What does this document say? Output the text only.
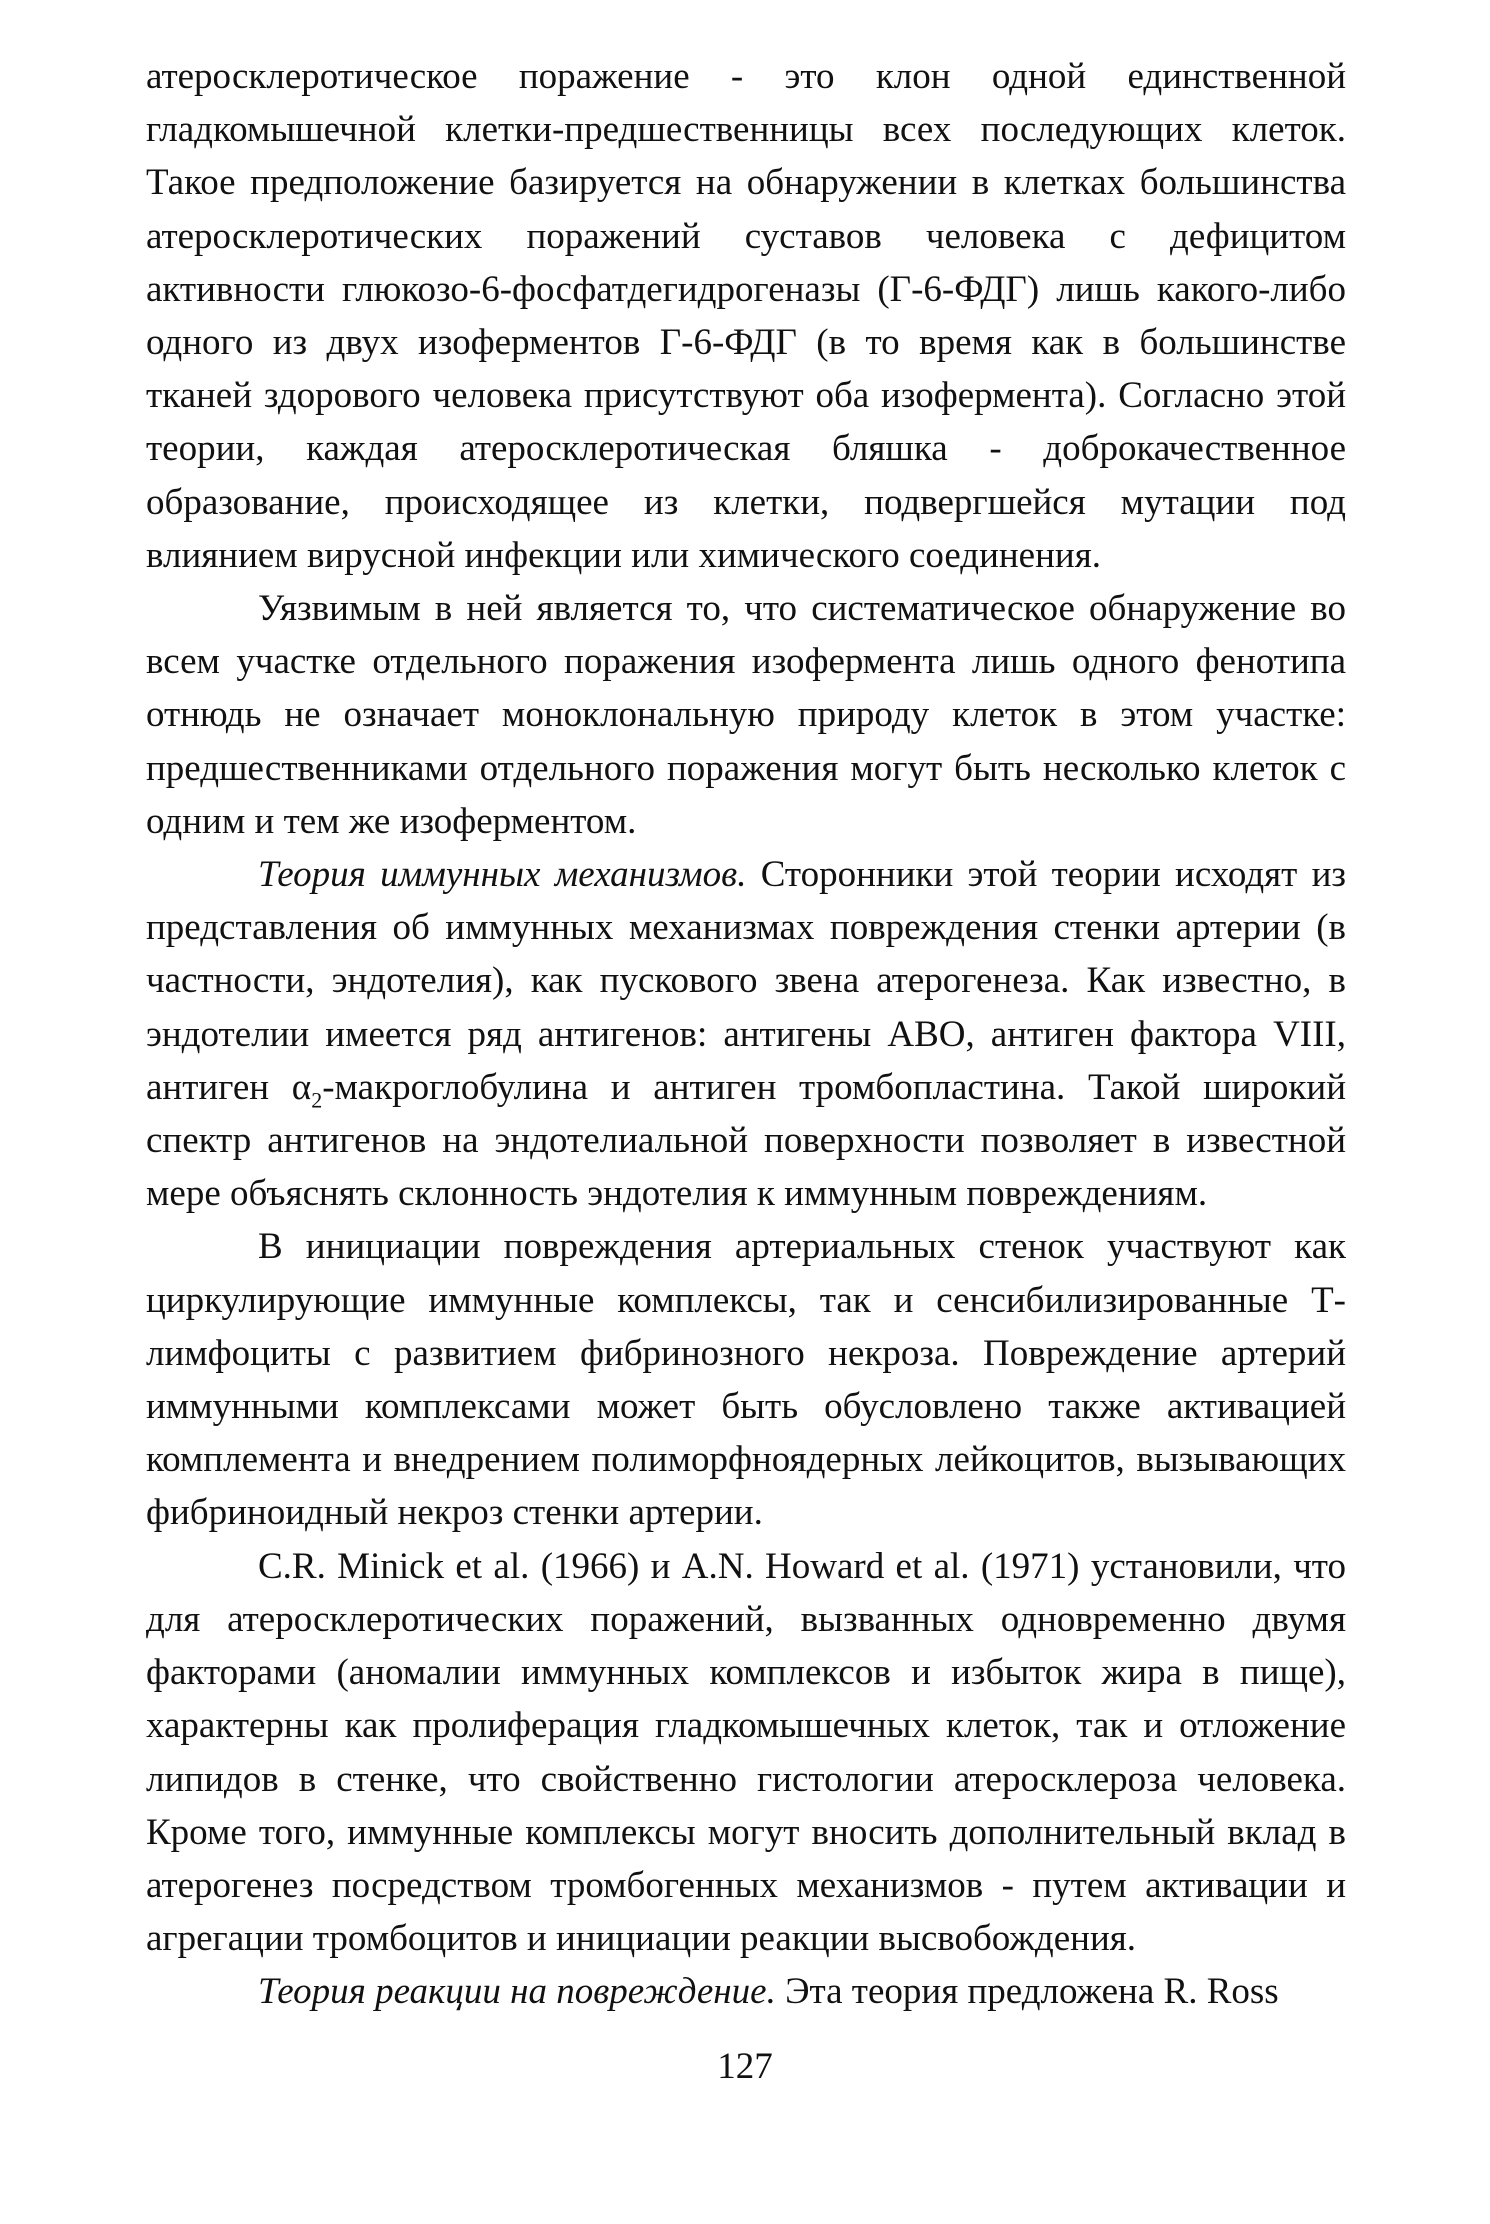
атеросклеротическое поражение - это клон одной единственной гладкомышечной клетки-предшественницы всех последующих клеток. Такое предположение базируется на обнаружении в клетках большинства атеросклеротических поражений суставов человека с дефицитом активности глюкозо-6-фосфатдегидрогеназы (Г-6-ФДГ) лишь какого-либо одного из двух изоферментов Г-6-ФДГ (в то время как в большинстве тканей здорового человека присутствуют оба изофермента). Согласно этой теории, каждая атеросклеротическая бляшка - доброкачественное образование, происходящее из клетки, подвергшейся мутации под влиянием вирусной инфекции или химического соединения.

Уязвимым в ней является то, что систематическое обнаружение во всем участке отдельного поражения изофермента лишь одного фенотипа отнюдь не означает моноклональную природу клеток в этом участке: предшественниками отдельного поражения могут быть несколько клеток с одним и тем же изоферментом.

Теория иммунных механизмов. Сторонники этой теории исходят из представления об иммунных механизмах повреждения стенки артерии (в частности, эндотелия), как пускового звена атерогенеза. Как известно, в эндотелии имеется ряд антигенов: антигены АВО, антиген фактора VIII, антиген $\alpha_2$-макроглобулина и антиген тромбопластина. Такой широкий спектр антигенов на эндотелиальной поверхности позволяет в известной мере объяснять склонность эндотелия к иммунным повреждениям.

В инициации повреждения артериальных стенок участвуют как циркулирующие иммунные комплексы, так и сенсибилизированные Т-лимфоциты с развитием фибринозного некроза. Повреждение артерий иммунными комплексами может быть обусловлено также активацией комплемента и внедрением полиморфноядерных лейкоцитов, вызывающих фибриноидный некроз стенки артерии.

C.R. Minick et al. (1966) и A.N. Howard et al. (1971) установили, что для атеросклеротических поражений, вызванных одновременно двумя факторами (аномалии иммунных комплексов и избыток жира в пище), характерны как пролиферация гладкомышечных клеток, так и отложение липидов в стенке, что свойственно гистологии атеросклероза человека. Кроме того, иммунные комплексы могут вносить дополнительный вклад в атерогенез посредством тромбогенных механизмов - путем активации и агрегации тромбоцитов и инициации реакции высвобождения.

Теория реакции на повреждение. Эта теория предложена R. Ross

127
